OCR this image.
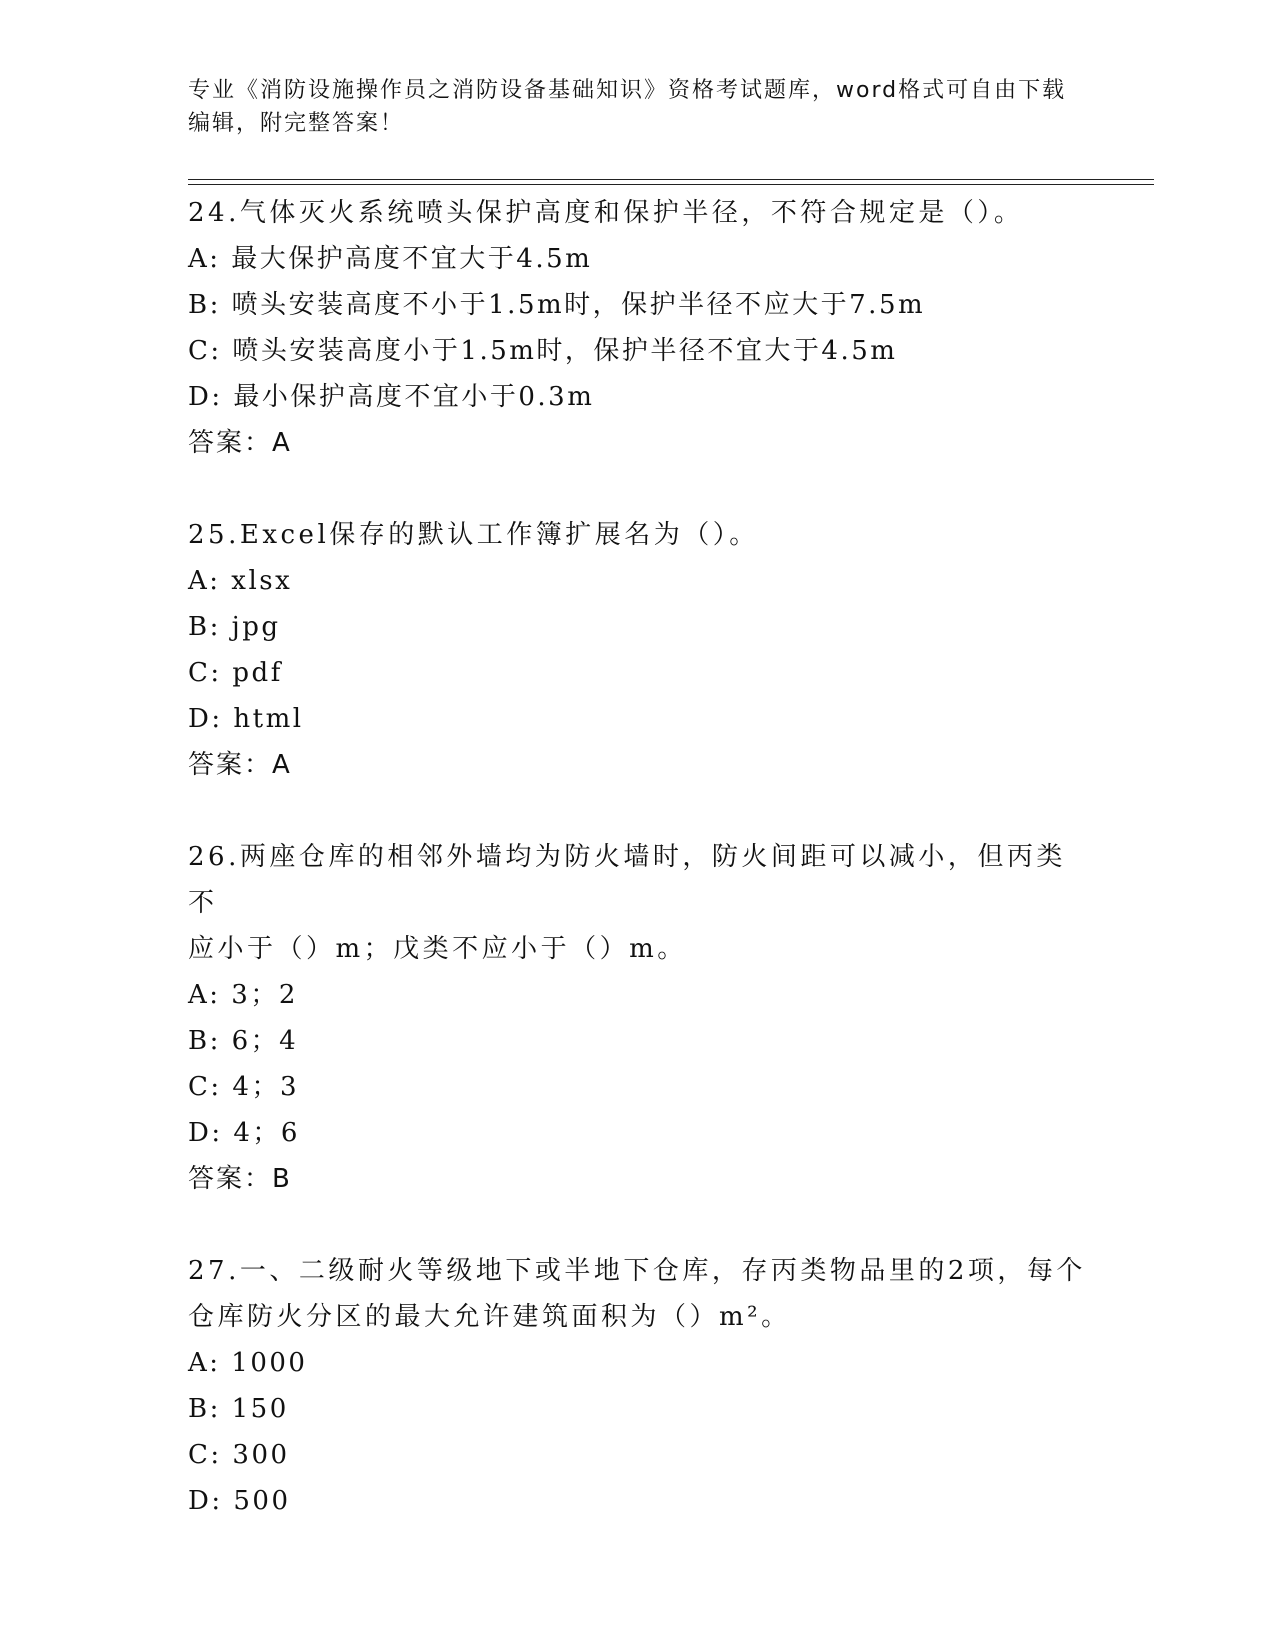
专业《消防设施操作员之消防设备基础知识》资格考试题库，word格式可自由下载编辑，附完整答案！

24.气体灭火系统喷头保护高度和保护半径，不符合规定是（）。

A: 最大保护高度不宜大于4.5m

B: 喷头安装高度不小于1.5m时，保护半径不应大于7.5m

C: 喷头安装高度小于1.5m时，保护半径不宜大于4.5m

D: 最小保护高度不宜小于0.3m

答案：A

25.Excel保存的默认工作簿扩展名为（）。

A: xlsx

B: jpg

C: pdf

D: html

答案：A

26.两座仓库的相邻外墙均为防火墙时，防火间距可以减小，但丙类不

应小于（）m；戊类不应小于（）m。

A: 3；2

B: 6；4

C: 4；3

D: 4；6

答案：B

27.一、二级耐火等级地下或半地下仓库，存丙类物品里的2项，每个

仓库防火分区的最大允许建筑面积为（）m²。

A: 1000

B: 150

C: 300

D: 500
